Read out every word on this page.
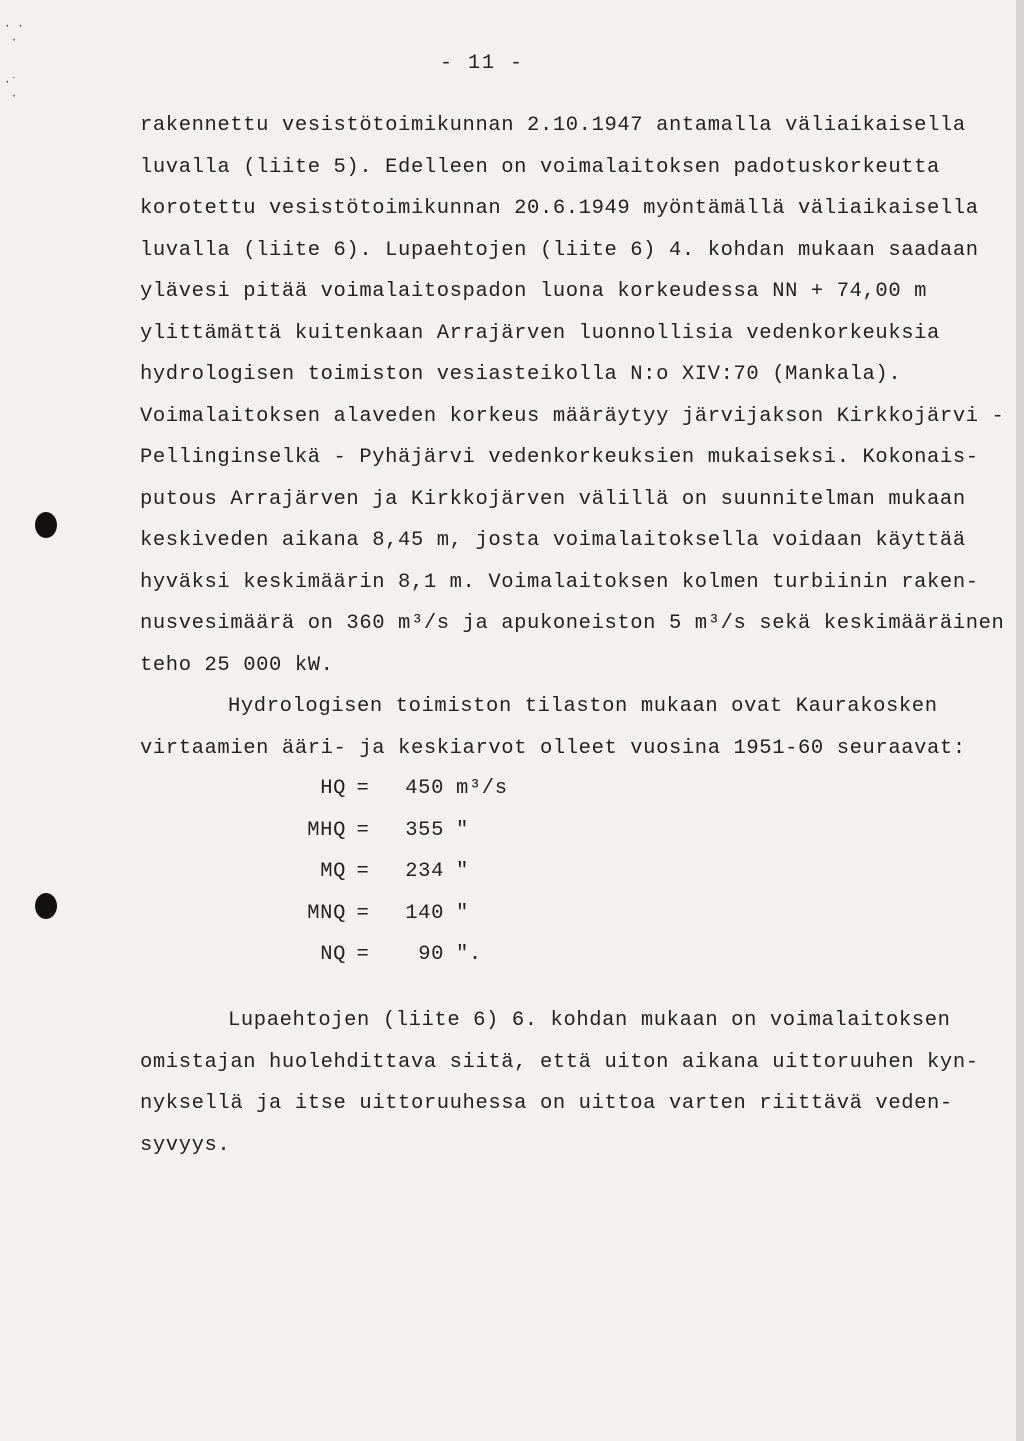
· ·
·

·˙
·
- 11 -
rakennettu vesistötoimikunnan 2.10.1947 antamalla väliaikaisella
luvalla (liite 5). Edelleen on voimalaitoksen padotuskorkeutta
korotettu vesistötoimikunnan 20.6.1949 myöntämällä väliaikaisella
luvalla (liite 6). Lupaehtojen (liite 6) 4. kohdan mukaan saadaan
ylävesi pitää voimalaitospadon luona korkeudessa NN + 74,00 m
ylittämättä kuitenkaan Arrajärven luonnollisia vedenkorkeuksia
hydrologisen toimiston vesiasteikolla N:o XIV:70 (Mankala).
Voimalaitoksen alaveden korkeus määräytyy järvijakson Kirkkojärvi -
Pellinginselkä - Pyhäjärvi vedenkorkeuksien mukaiseksi. Kokonais-
putous Arrajärven ja Kirkkojärven välillä on suunnitelman mukaan
keskiveden aikana 8,45 m, josta voimalaitoksella voidaan käyttää
hyväksi keskimäärin 8,1 m. Voimalaitoksen kolmen turbiinin raken-
nusvesimäärä on 360 m³/s ja apukoneiston 5 m³/s sekä keskimääräinen
teho 25 000 kW.
Hydrologisen toimiston tilaston mukaan ovat Kaurakosken
virtaamien ääri- ja keskiarvot olleet vuosina 1951-60 seuraavat:
HQ =	450 m³/s
MHQ =	355 "
MQ =	234 "
MNQ =	140 "
NQ =	90 ".
Lupaehtojen (liite 6) 6. kohdan mukaan on voimalaitoksen
omistajan huolehdittava siitä, että uiton aikana uittoruuhen kyn-
nyksellä ja itse uittoruuhessa on uittoa varten riittävä veden-
syvyys.
